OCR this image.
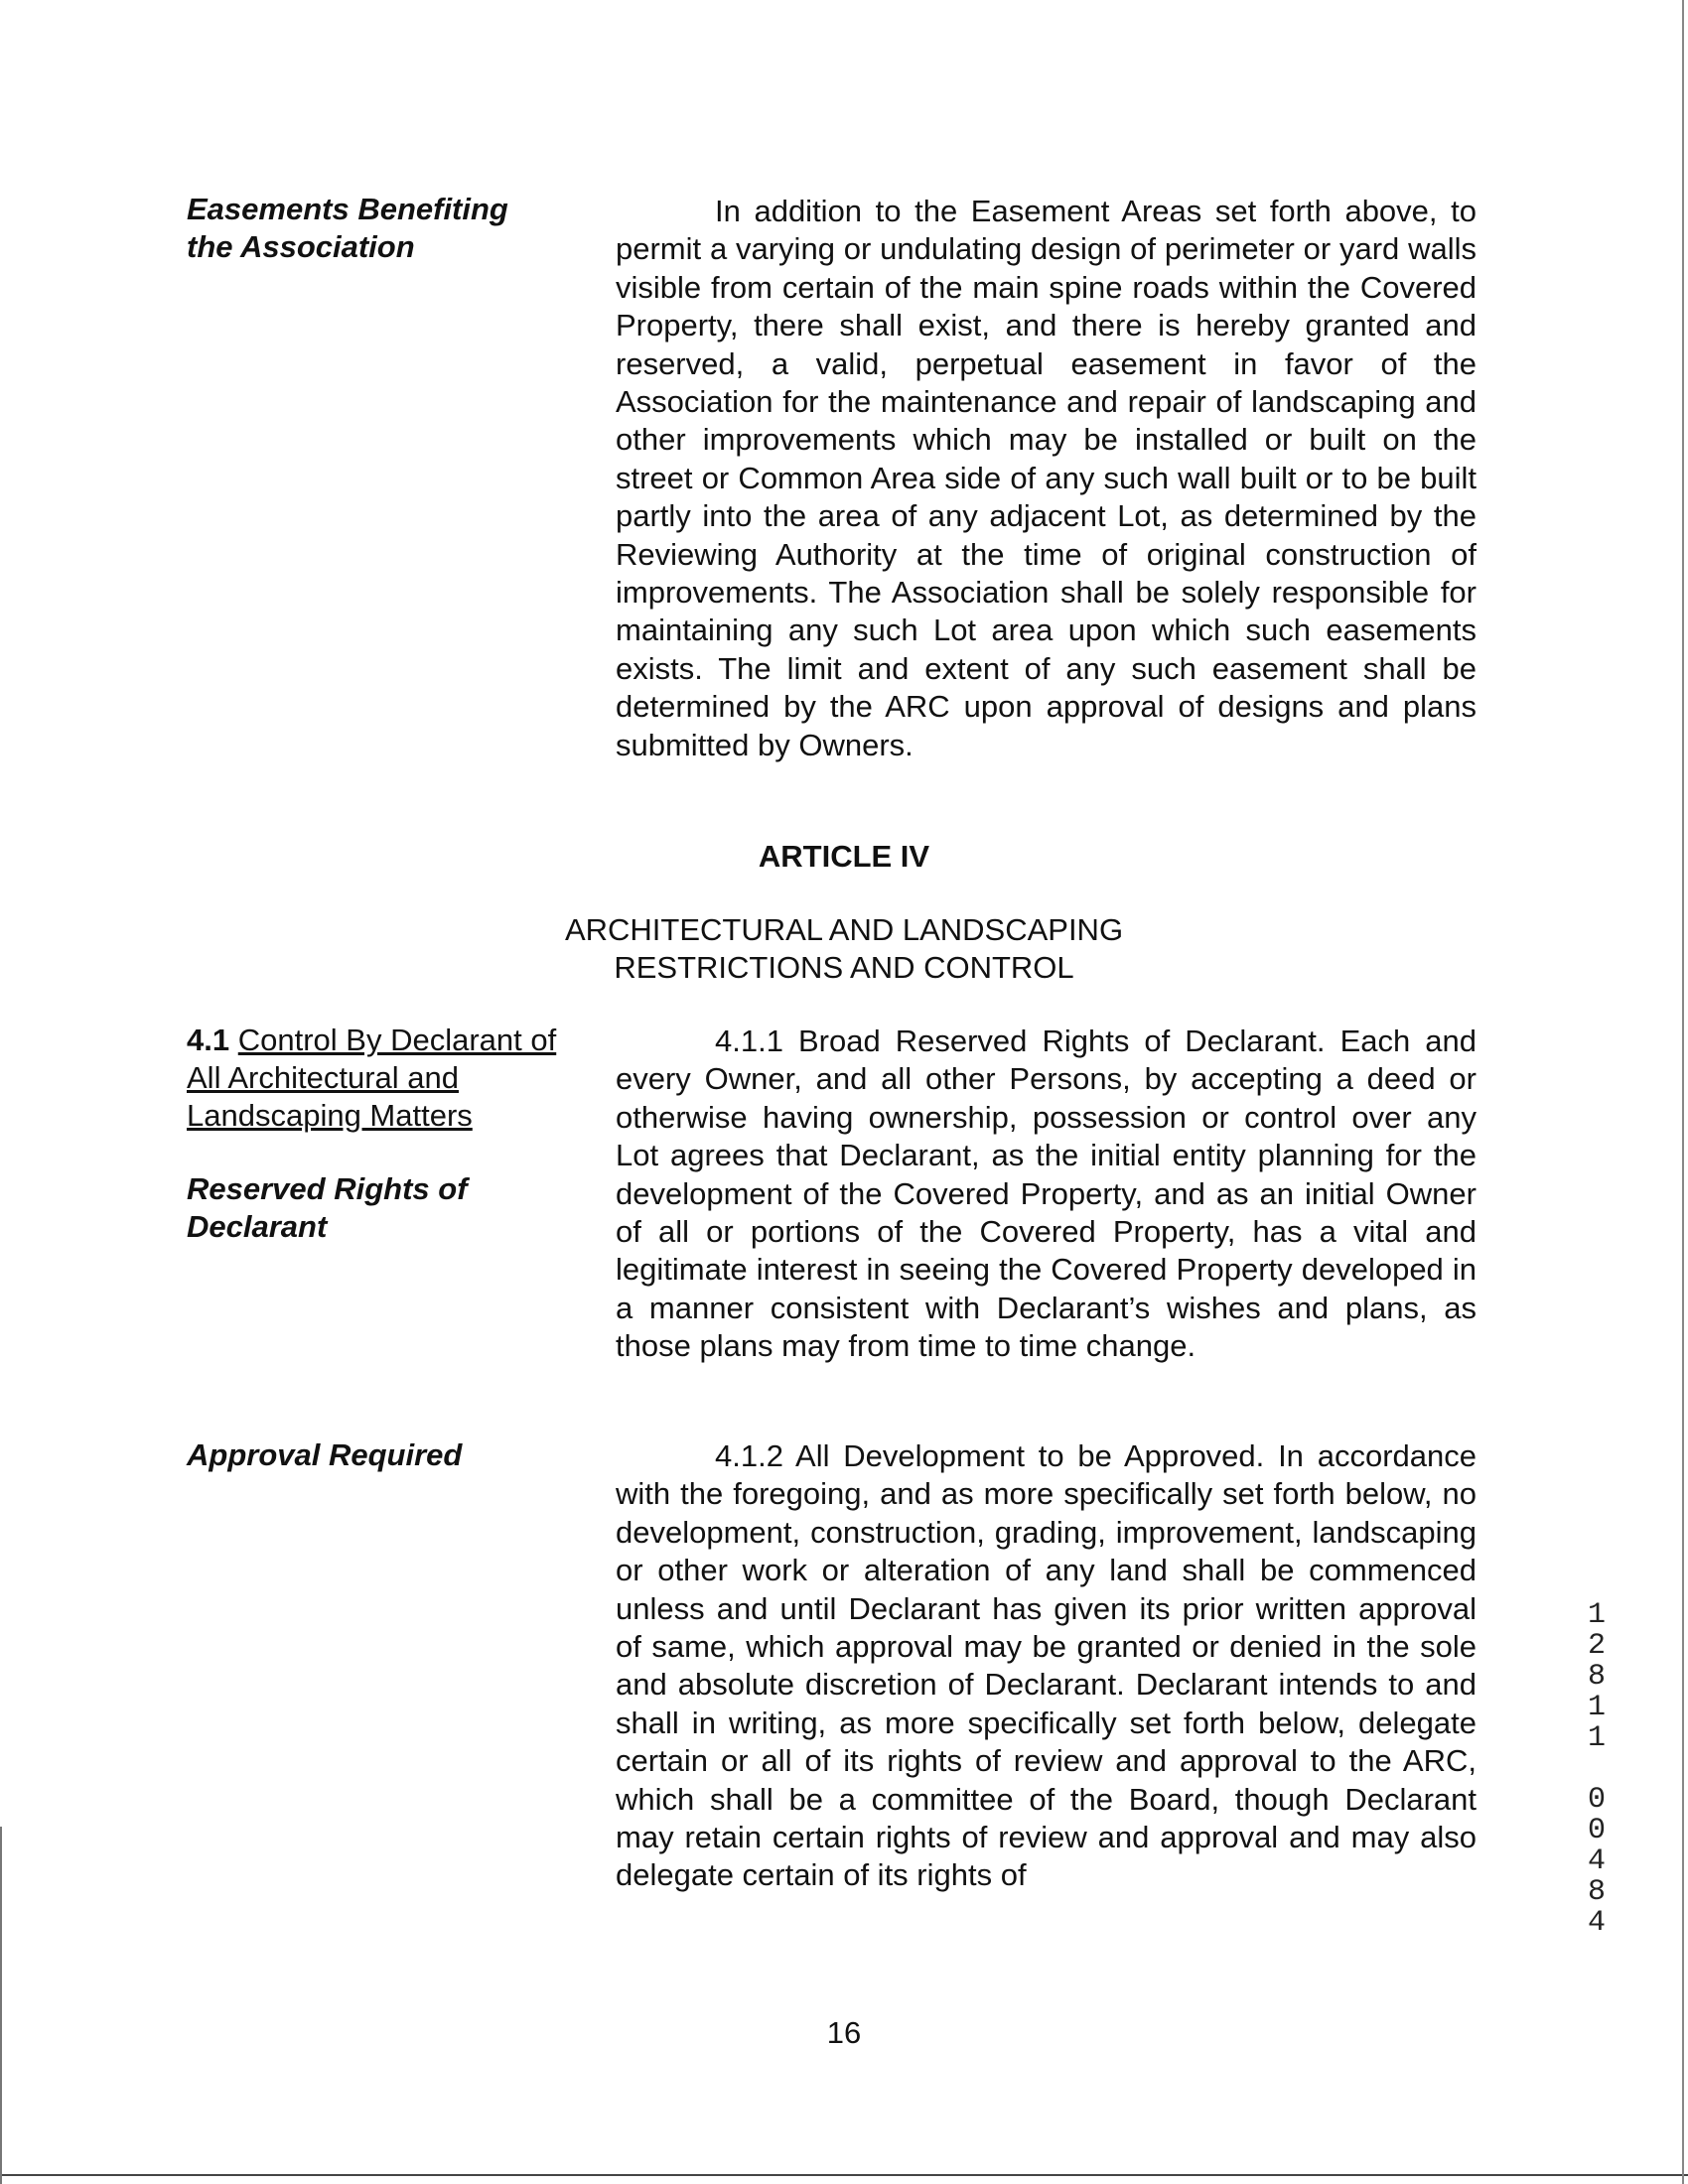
Easements Benefiting
the Association

In addition to the Easement Areas set forth above, to permit a varying or undulating design of perimeter or yard walls visible from certain of the main spine roads within the Covered Property, there shall exist, and there is hereby granted and reserved, a valid, perpetual easement in favor of the Association for the maintenance and repair of landscaping and other improvements which may be installed or built on the street or Common Area side of any such wall built or to be built partly into the area of any adjacent Lot, as determined by the Reviewing Authority at the time of original construction of improvements. The Association shall be solely responsible for maintaining any such Lot area upon which such easements exists. The limit and extent of any such easement shall be determined by the ARC upon approval of designs and plans submitted by Owners.

ARTICLE IV
ARCHITECTURAL AND LANDSCAPING
RESTRICTIONS AND CONTROL
4.1 Control By Declarant of
All Architectural and
Landscaping Matters
Reserved Rights of
Declarant

4.1.1 Broad Reserved Rights of Declarant. Each and every Owner, and all other Persons, by accepting a deed or otherwise having ownership, possession or control over any Lot agrees that Declarant, as the initial entity planning for the development of the Covered Property, and as an initial Owner of all or portions of the Covered Property, has a vital and legitimate interest in seeing the Covered Property developed in a manner consistent with Declarant’s wishes and plans, as those plans may from time to time change.

Approval Required	4.1.2 All Development to be Approved. In accordance with the foregoing, and as more specifically set forth below, no development, construction, grading, improvement, landscaping or other work or alteration of any land shall be commenced unless and until Declarant has given its prior written approval of same, which approval may be granted or denied in the sole and absolute discretion of Declarant. Declarant intends to and shall in writing, as more specifically set forth below, delegate certain or all of its rights of review and approval to the ARC, which shall be a committee of the Board, though Declarant may retain certain rights of review and approval and may also delegate certain of its rights of

16
1
2
8
1
1
0
0
4
8
4
